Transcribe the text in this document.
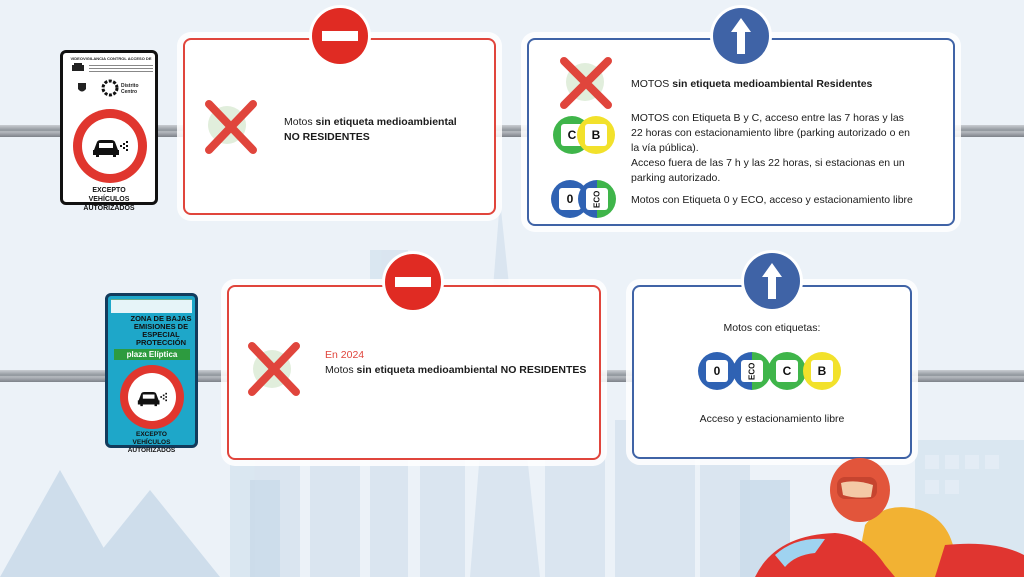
VIDEOVIGILANCIA CONTROL ACCESO DE
Distrito Centro
EXCEPTO VEHÍCULOS AUTORIZADOS
Motos sin etiqueta medioambiental
NO RESIDENTES
MOTOS sin etiqueta medioambiental Residentes
C	B
MOTOS con Etiqueta B y C, acceso entre las 7 horas y las 22 horas con estacionamiento libre (parking autorizado o en la vía pública).
Acceso fuera de las 7 h y las 22 horas, si estacionas en un parking autorizado.
0	ECO	Motos con Etiqueta 0 y ECO, acceso y estacionamiento libre
ZONA DE BAJAS EMISIONES DE ESPECIAL PROTECCIÓN
plaza Elíptica
EXCEPTO VEHÍCULOS AUTORIZADOS
En 2024
Motos sin etiqueta medioambiental NO RESIDENTES
Motos con etiquetas:
0	ECO	C	B
Acceso y estacionamiento libre
